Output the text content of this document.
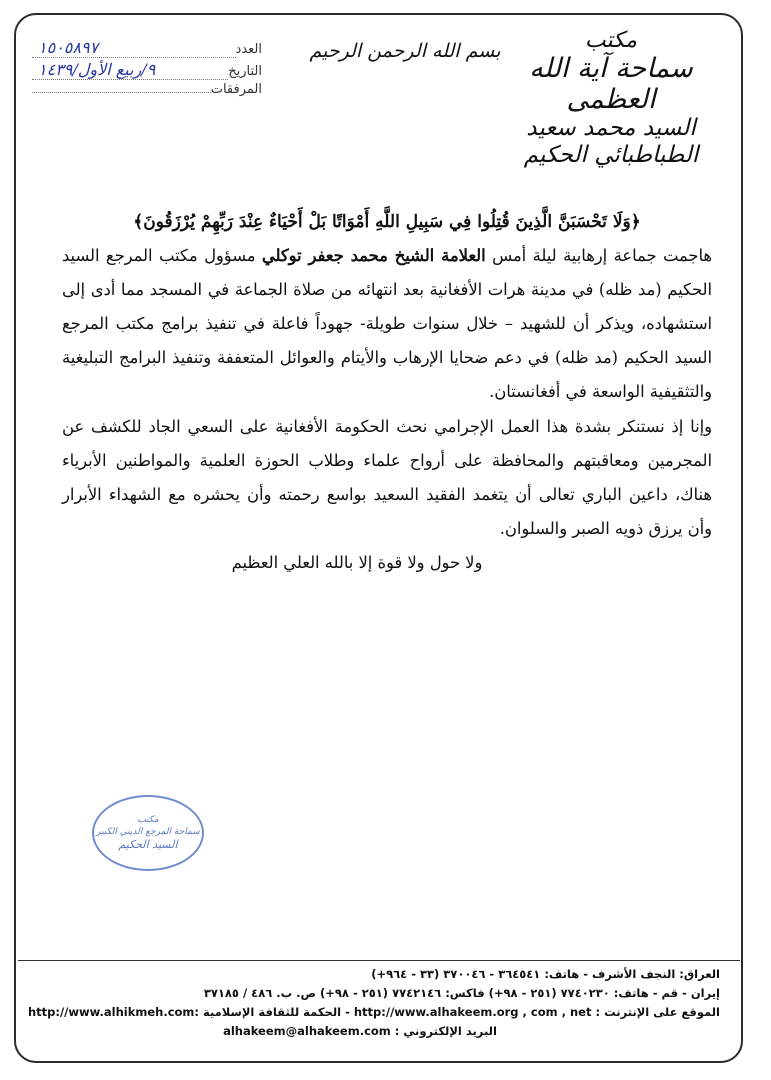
مكتب
سماحة آية الله العظمى
السيد محمد سعيد الطباطبائي الحكيم
بسم الله الرحمن الرحيم
العدد
١٥٠٥٨٩٧
التاريخ
٩/ربيع الأول/١٤٣٩
المرفقات
﴿وَلَا تَحْسَبَنَّ الَّذِينَ قُتِلُوا فِي سَبِيلِ اللَّهِ أَمْوَاتًا بَلْ أَحْيَاءٌ عِنْدَ رَبِّهِمْ يُرْزَقُونَ﴾
هاجمت جماعة إرهابية ليلة أمس العلامة الشيخ محمد جعفر توكلي مسؤول مكتب المرجع السيد الحكيم (مد ظله) في مدينة هرات الأفغانية بعد انتهائه من صلاة الجماعة في المسجد مما أدى إلى استشهاده، ويذكر أن للشهيد – خلال سنوات طويلة- جهوداً فاعلة في تنفيذ برامج مكتب المرجع السيد الحكيم (مد ظله) في دعم ضحايا الإرهاب والأيتام والعوائل المتعففة وتنفيذ البرامج التبليغية والتثقيفية الواسعة في أفغانستان.
وإنا إذ نستنكر بشدة هذا العمل الإجرامي نحث الحكومة الأفغانية على السعي الجاد للكشف عن المجرمين ومعاقبتهم والمحافظة على أرواح علماء وطلاب الحوزة العلمية والمواطنين الأبرياء هناك، داعين الباري تعالى أن يتغمد الفقيد السعيد بواسع رحمته وأن يحشره مع الشهداء الأبرار وأن يرزق ذويه الصبر والسلوان.
ولا حول ولا قوة إلا بالله العلي العظيم
مكتب
سماحة المرجع الديني الكبير
السيد الحكيم
العراق: النجف الأشرف - هاتف: ٣٦٤٥٤١ - ٣٧٠٠٤٦ (٣٣ - ٩٦٤+)
إيران - قم - هاتف: ٧٧٤٠٢٣٠ (٢٥١ - ٩٨+) فاكس: ٧٧٤٢١٤٦ (٢٥١ - ٩٨+) ص. ب. ٤٨٦ / ٣٧١٨٥
الموقع على الإنترنت : http://www.alhakeem.org , com , net - الحكمة للثقافة الإسلامية :
http://www.alhikmeh.com
البريد الإلكتروني : alhakeem@alhakeem.com
